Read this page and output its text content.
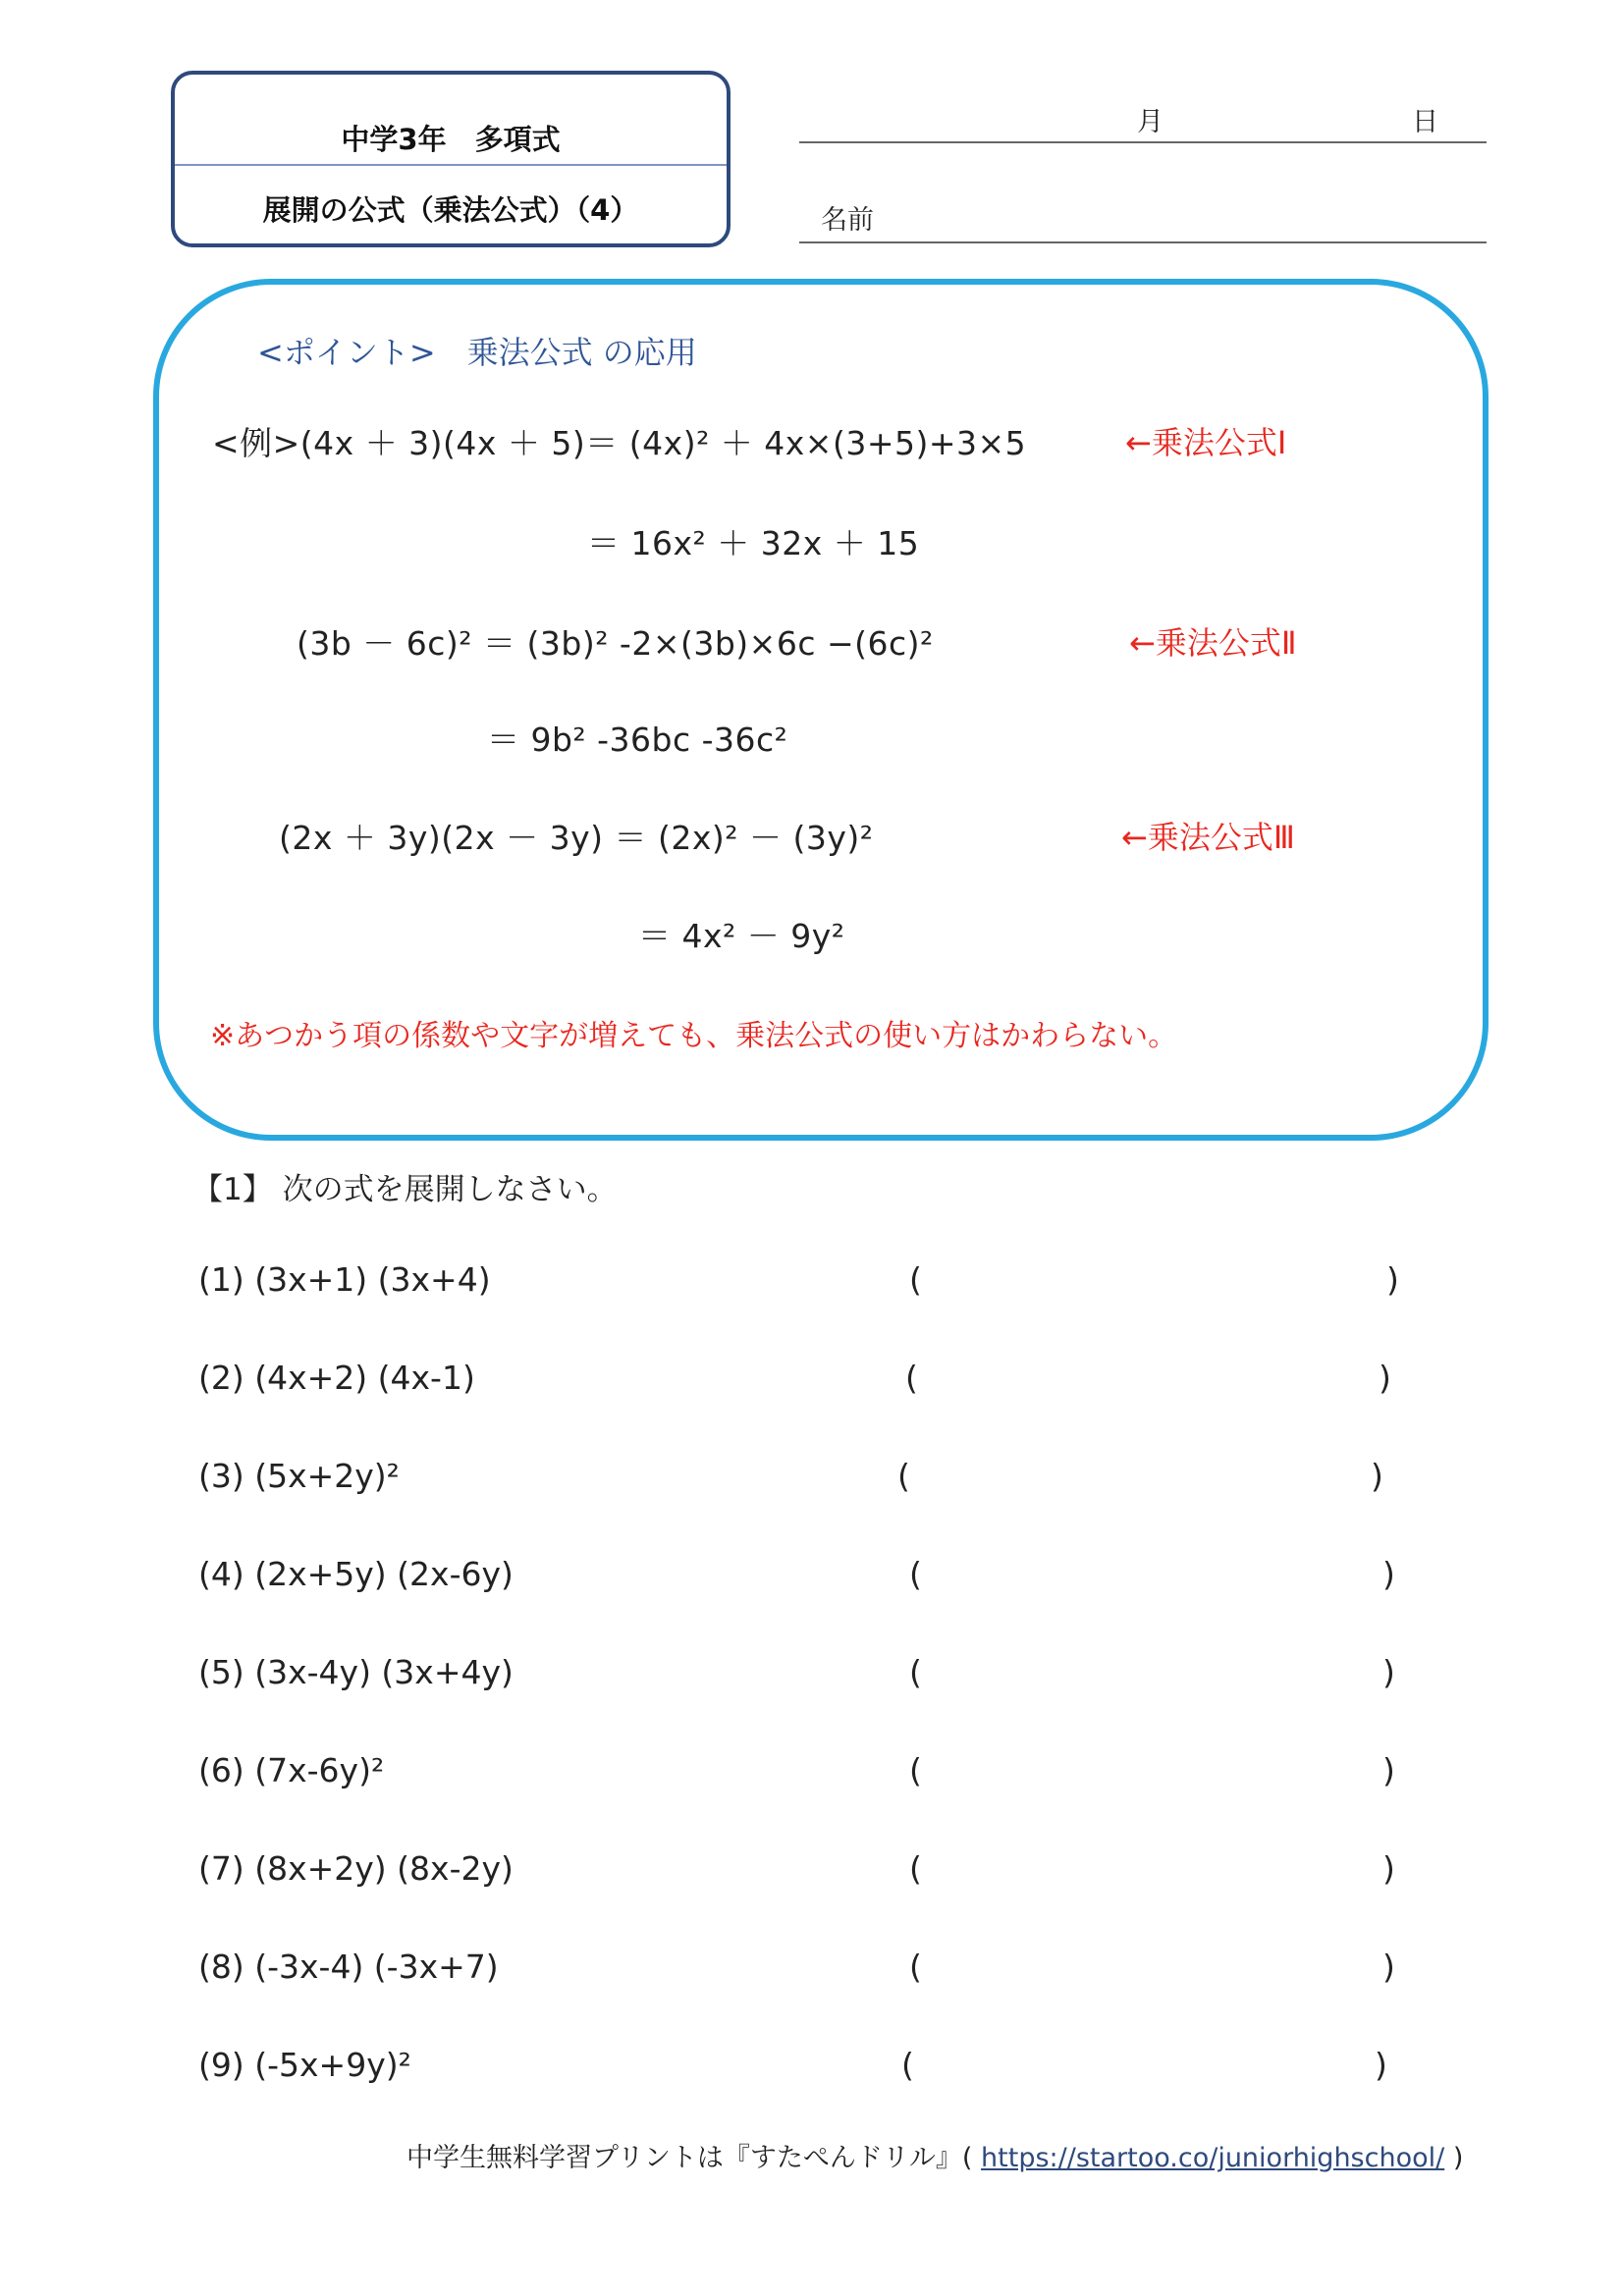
中学3年　多項式
展開の公式（乗法公式）（4）
月	日
名前
<ポイント>　乗法公式 の応用
<例>(4x ＋ 3)(4x ＋ 5)＝ (4x)² ＋ 4x×(3+5)+3×5	←乗法公式Ⅰ
＝ 16x² ＋ 32x ＋ 15
(3b － 6c)² ＝ (3b)² -2×(3b)×6c −(6c)²	←乗法公式Ⅱ
＝ 9b² -36bc -36c²
(2x ＋ 3y)(2x － 3y) ＝ (2x)² － (3y)²	←乗法公式Ⅲ
＝ 4x² － 9y²
※あつかう項の係数や文字が増えても、乗法公式の使い方はかわらない。
【1】 次の式を展開しなさい。
(1) (3x+1) (3x+4)	(	)
(2) (4x+2) (4x-1)	(	)
(3) (5x+2y)²	(	)
(4) (2x+5y) (2x-6y)	(	)
(5) (3x-4y) (3x+4y)	(	)
(6) (7x-6y)²	(	)
(7) (8x+2y) (8x-2y)	(	)
(8) (-3x-4) (-3x+7)	(	)
(9) (-5x+9y)²	(	)
中学生無料学習プリントは『すたぺんドリル』( https://startoo.co/juniorhighschool/ )
